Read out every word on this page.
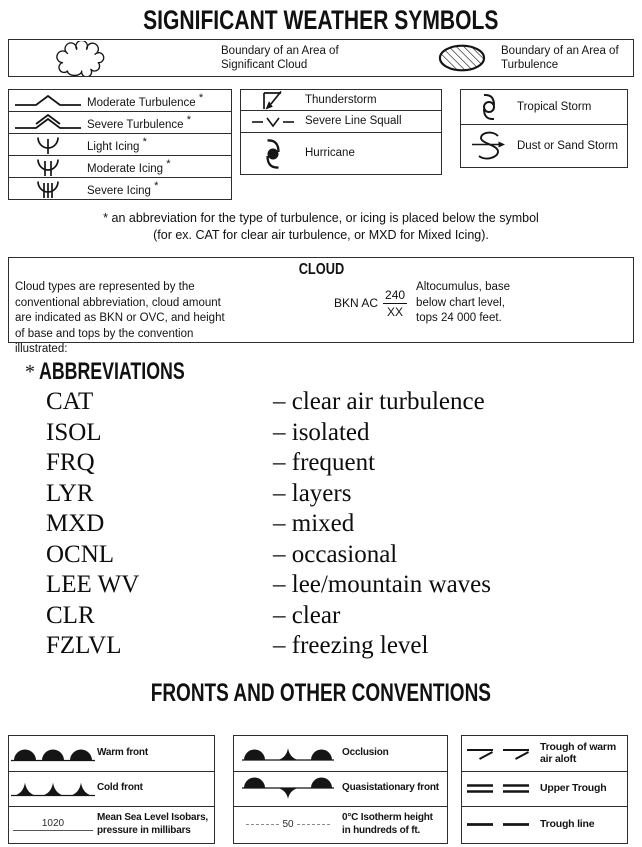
SIGNIFICANT WEATHER SYMBOLS
Boundary of an Area of Significant Cloud
Boundary of an Area of Turbulence
Moderate Turbulence *
Severe Turbulence *
Light Icing *
Moderate Icing *
Severe Icing *
Thunderstorm
Severe Line Squall
Hurricane
Tropical Storm
Dust or Sand Storm
* an abbreviation for the type of turbulence, or icing is placed below the symbol
(for ex. CAT for clear air turbulence, or MXD for Mixed Icing).
CLOUD
Cloud types are represented by the conventional abbreviation, cloud amount are indicated as BKN or OVC, and height of base and tops by the convention illustrated:
BKN AC $\frac{240}{XX}$
Altocumulus, base below chart level, tops 24 000 feet.
* ABBREVIATIONS
CAT	– clear air turbulence
ISOL	– isolated
FRQ	– frequent
LYR	– layers
MXD	– mixed
OCNL	– occasional
LEE WV	– lee/mountain waves
CLR	– clear
FZLVL	– freezing level
FRONTS AND OTHER CONVENTIONS
Warm front
Cold front
1020
Mean Sea Level Isobars, pressure in millibars
Occlusion
Quasistationary front
50
0°C Isotherm height in hundreds of ft.
Trough of warm air aloft
Upper Trough
Trough line
